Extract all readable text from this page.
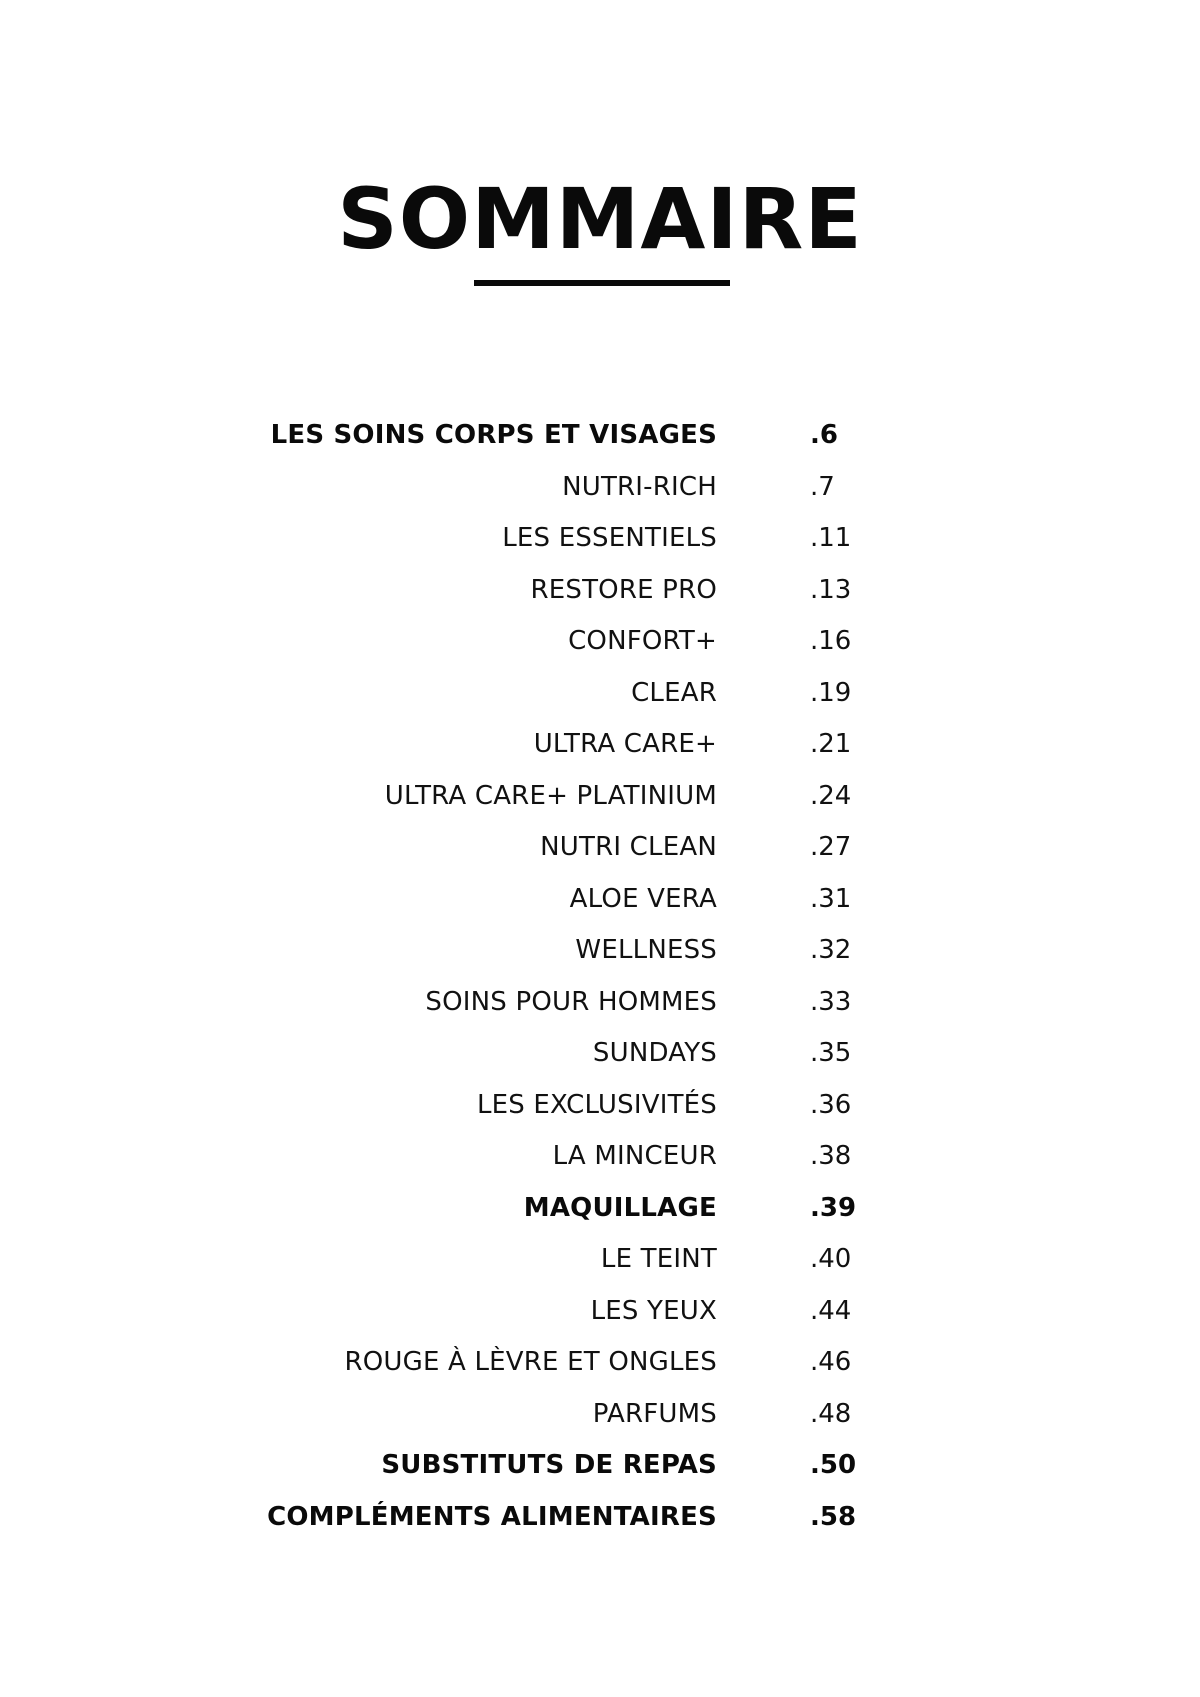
SOMMAIRE
LES SOINS CORPS ET VISAGES	.6
NUTRI-RICH	.7
LES ESSENTIELS	.11
RESTORE PRO	.13
CONFORT+	.16
CLEAR	.19
ULTRA CARE+	.21
ULTRA CARE+ PLATINIUM	.24
NUTRI CLEAN	.27
ALOE VERA	.31
WELLNESS	.32
SOINS POUR HOMMES	.33
SUNDAYS	.35
LES EXCLUSIVITÉS	.36
LA MINCEUR	.38
MAQUILLAGE	.39
LE TEINT	.40
LES YEUX	.44
ROUGE À LÈVRE ET ONGLES	.46
PARFUMS	.48
SUBSTITUTS DE REPAS	.50
COMPLÉMENTS ALIMENTAIRES	.58
